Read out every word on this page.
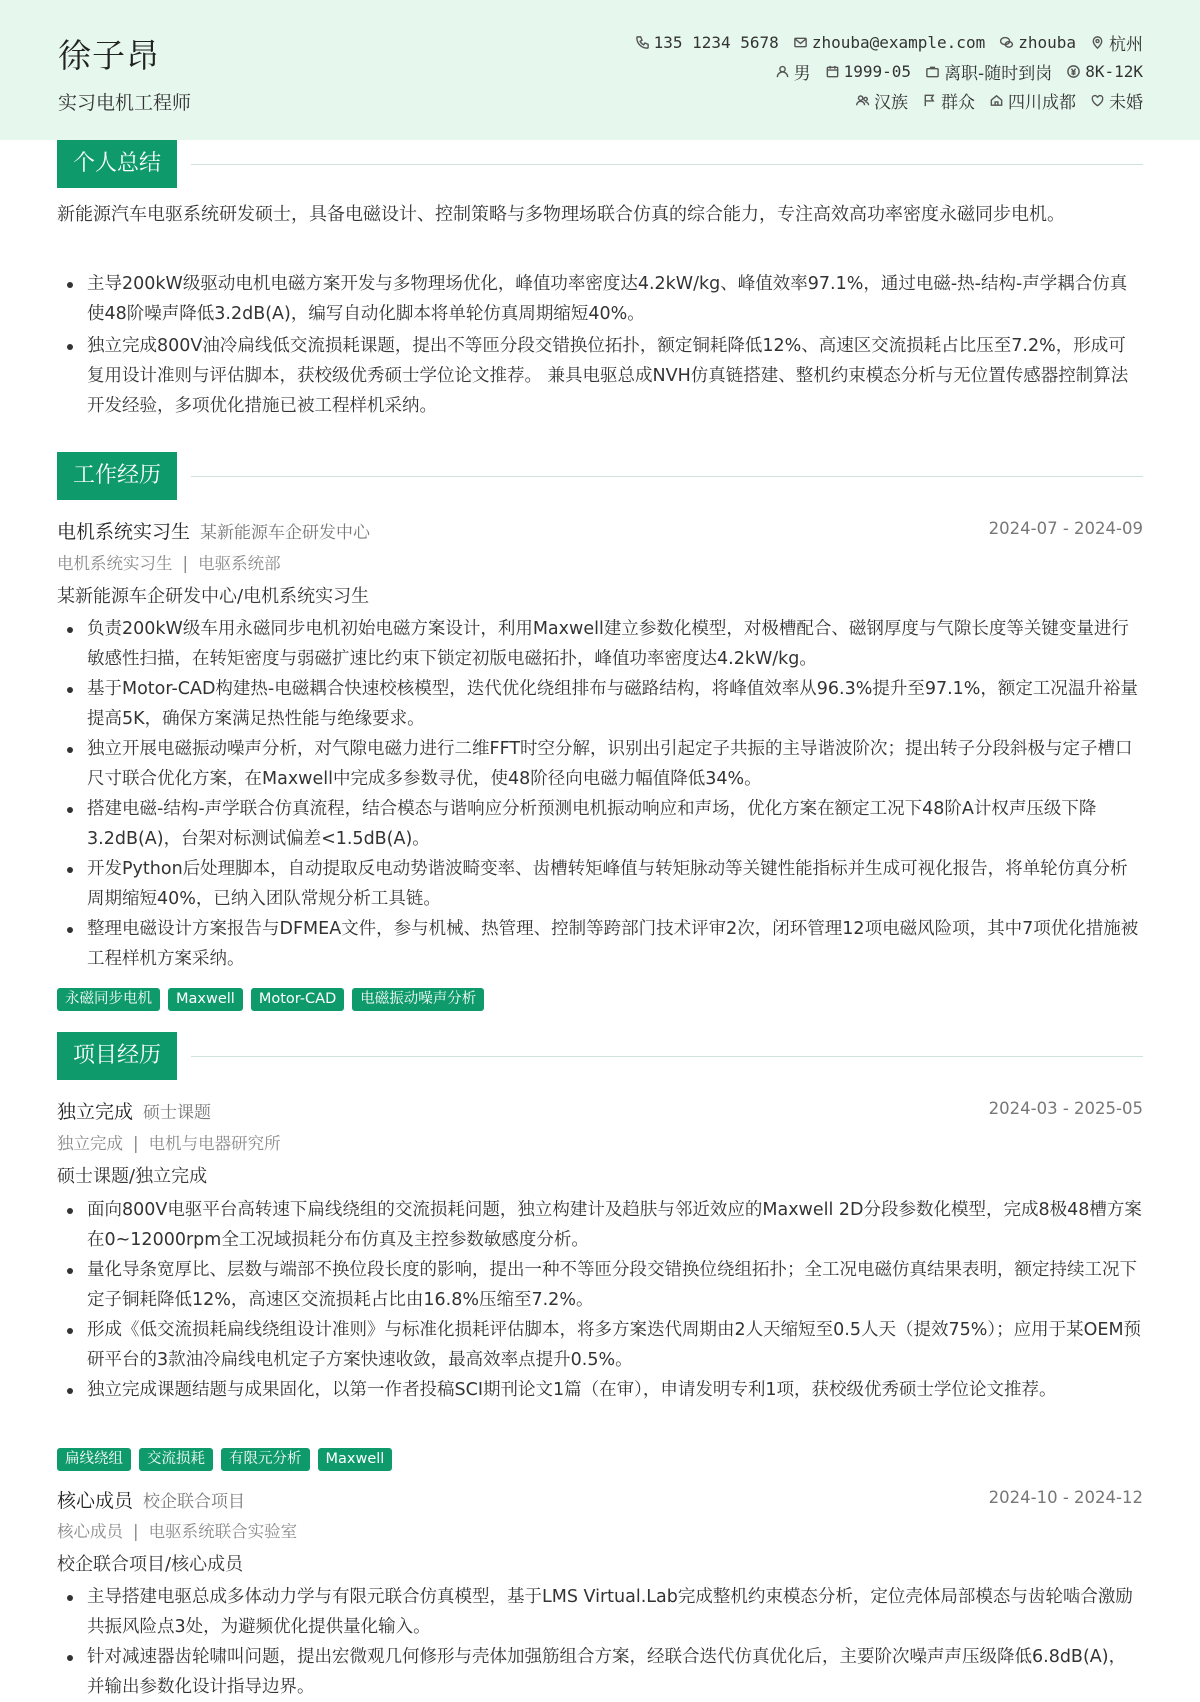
徐子昂
实习电机工程师
135 1234 5678 zhouba@example.com zhouba 杭州
男 1999-05 离职-随时到岗 8K-12K
汉族 群众 四川成都 未婚
个人总结
新能源汽车电驱系统研发硕士，具备电磁设计、控制策略与多物理场联合仿真的综合能力，专注高效高功率密度永磁同步电机。
主导200kW级驱动电机电磁方案开发与多物理场优化，峰值功率密度达4.2kW/kg、峰值效率97.1%，通过电磁-热-结构-声学耦合仿真使48阶噪声降低3.2dB(A)，编写自动化脚本将单轮仿真周期缩短40%。
独立完成800V油冷扁线低交流损耗课题，提出不等匝分段交错换位拓扑，额定铜耗降低12%、高速区交流损耗占比压至7.2%，形成可复用设计准则与评估脚本，获校级优秀硕士学位论文推荐。 兼具电驱总成NVH仿真链搭建、整机约束模态分析与无位置传感器控制算法开发经验，多项优化措施已被工程样机采纳。
工作经历
电机系统实习生 某新能源车企研发中心	2024-07 - 2024-09
电机系统实习生 | 电驱系统部
某新能源车企研发中心/电机系统实习生
负责200kW级车用永磁同步电机初始电磁方案设计，利用Maxwell建立参数化模型，对极槽配合、磁钢厚度与气隙长度等关键变量进行敏感性扫描，在转矩密度与弱磁扩速比约束下锁定初版电磁拓扑，峰值功率密度达4.2kW/kg。
基于Motor-CAD构建热-电磁耦合快速校核模型，迭代优化绕组排布与磁路结构，将峰值效率从96.3%提升至97.1%，额定工况温升裕量提高5K，确保方案满足热性能与绝缘要求。
独立开展电磁振动噪声分析，对气隙电磁力进行二维FFT时空分解，识别出引起定子共振的主导谐波阶次；提出转子分段斜极与定子槽口尺寸联合优化方案，在Maxwell中完成多参数寻优，使48阶径向电磁力幅值降低34%。
搭建电磁-结构-声学联合仿真流程，结合模态与谐响应分析预测电机振动响应和声场，优化方案在额定工况下48阶A计权声压级下降3.2dB(A)，台架对标测试偏差<1.5dB(A)。
开发Python后处理脚本，自动提取反电动势谐波畸变率、齿槽转矩峰值与转矩脉动等关键性能指标并生成可视化报告，将单轮仿真分析周期缩短40%，已纳入团队常规分析工具链。
整理电磁设计方案报告与DFMEA文件，参与机械、热管理、控制等跨部门技术评审2次，闭环管理12项电磁风险项，其中7项优化措施被工程样机方案采纳。
永磁同步电机	Maxwell	Motor-CAD	电磁振动噪声分析
项目经历
独立完成 硕士课题	2024-03 - 2025-05
独立完成 | 电机与电器研究所
硕士课题/独立完成
面向800V电驱平台高转速下扁线绕组的交流损耗问题，独立构建计及趋肤与邻近效应的Maxwell 2D分段参数化模型，完成8极48槽方案在0~12000rpm全工况域损耗分布仿真及主控参数敏感度分析。
量化导条宽厚比、层数与端部不换位段长度的影响，提出一种不等匝分段交错换位绕组拓扑；全工况电磁仿真结果表明，额定持续工况下定子铜耗降低12%，高速区交流损耗占比由16.8%压缩至7.2%。
形成《低交流损耗扁线绕组设计准则》与标准化损耗评估脚本，将多方案迭代周期由2人天缩短至0.5人天（提效75%）；应用于某OEM预研平台的3款油冷扁线电机定子方案快速收敛，最高效率点提升0.5%。
独立完成课题结题与成果固化，以第一作者投稿SCI期刊论文1篇（在审），申请发明专利1项，获校级优秀硕士学位论文推荐。
扁线绕组	交流损耗	有限元分析	Maxwell
核心成员 校企联合项目	2024-10 - 2024-12
核心成员 | 电驱系统联合实验室
校企联合项目/核心成员
主导搭建电驱总成多体动力学与有限元联合仿真模型，基于LMS Virtual.Lab完成整机约束模态分析，定位壳体局部模态与齿轮啮合激励共振风险点3处，为避频优化提供量化输入。
针对减速器齿轮啸叫问题，提出宏微观几何修形与壳体加强筋组合方案，经联合迭代仿真优化后，主要阶次噪声声压级降低6.8dB(A)，并输出参数化设计指导边界。
